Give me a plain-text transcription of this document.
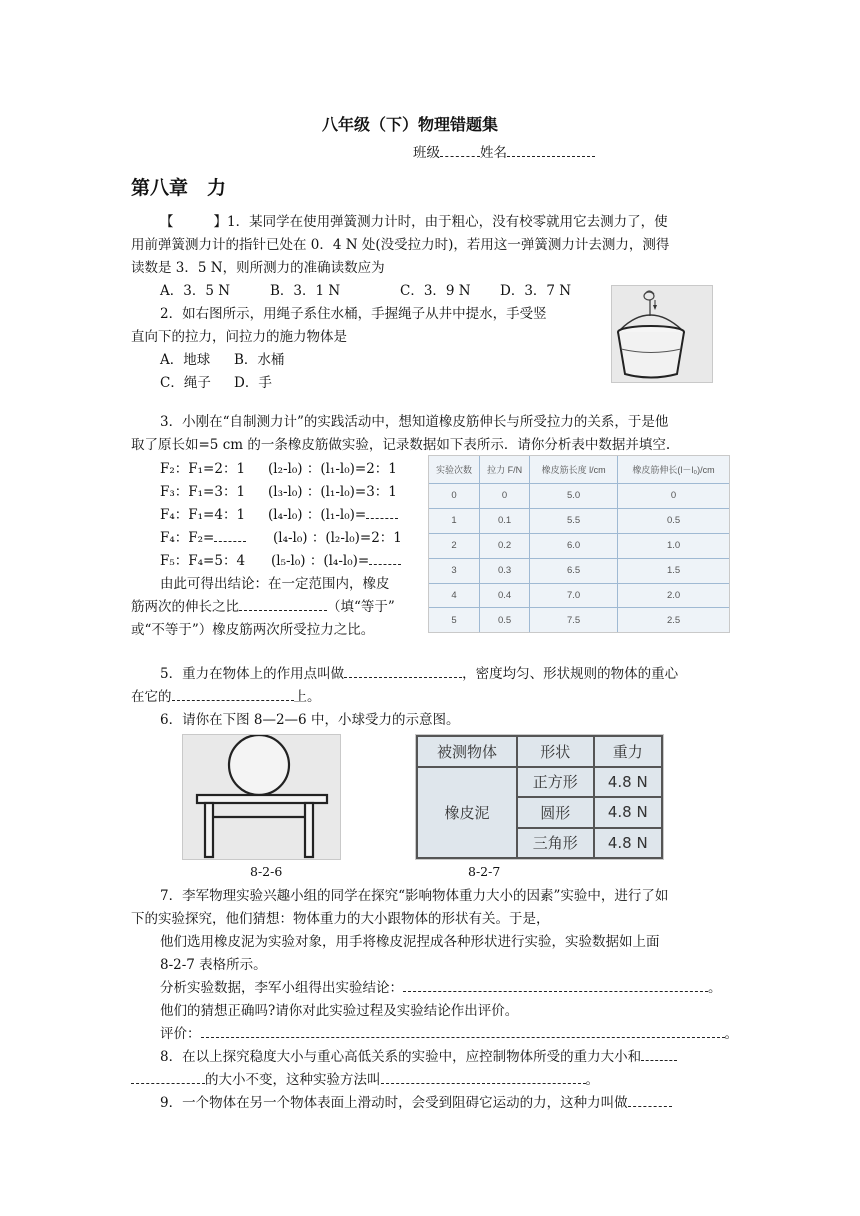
八年级（下）物理错题集
班级	姓名
第八章　力
【	】1．某同学在使用弹簧测力计时，由于粗心，没有校零就用它去测力了，使
用前弹簧测力计的指针已处在 0．4 N 处(没受拉力时)，若用这一弹簧测力计去测力，测得
读数是 3．5 N，则所测力的准确读数应为
A．3．5 N	B．3．1 N	C．3．9 N D．3．7 N
2．如右图所示，用绳子系住水桶，手握绳子从井中提水，手受竖
直向下的拉力，问拉力的施力物体是
A．地球 B．水桶
C．绳子 D．手
3．小刚在“自制测力计”的实践活动中，想知道橡皮筋伸长与所受拉力的关系，于是他
取了原长如=5 cm 的一条橡皮筋做实验，记录数据如下表所示．请你分析表中数据并填空.
F₂：F₁=2：1 (l₂-l₀) ：(l₁-l₀)=2：1
F₃：F₁=3：1 (l₃-l₀) ：(l₁-l₀)=3：1
F₄：F₁=4：1 (l₄-l₀) ：(l₁-l₀)=
F₄：F₂=	(l₄-l₀) ：(l₂-l₀)=2：1
F₅：F₄=5：4 (l₅-l₀) ：(l₄-l₀)=
由此可得出结论：在一定范围内，橡皮
筋两次的伸长之比	（填“等于”
或“不等于”）橡皮筋两次所受拉力之比。
实验次数	拉力 F/N	橡皮筋长度 l/cm	橡皮筋伸长(l－l₀)/cm
0	0	5.0	0
1	0.1	5.5	0.5
2	0.2	6.0	1.0
3	0.3	6.5	1.5
4	0.4	7.0	2.0
5	0.5	7.5	2.5
5．重力在物体上的作用点叫做	，密度均匀、形状规则的物体的重心
在它的	上。
6．请你在下图 8—2—6 中，小球受力的示意图。
被测物体	形状	重力
橡皮泥	正方形	4.8 N
	圆形	4.8 N
	三角形	4.8 N
8-2-6	8-2-7
7．李军物理实验兴趣小组的同学在探究“影响物体重力大小的因素”实验中，进行了如
下的实验探究，他们猜想：物体重力的大小跟物体的形状有关。于是，
他们选用橡皮泥为实验对象，用手将橡皮泥捏成各种形状进行实验，实验数据如上面
8-2-7 表格所示。
分析实验数据，李军小组得出实验结论：	。
他们的猜想正确吗?请你对此实验过程及实验结论作出评价。
评价：	。
8．在以上探究稳度大小与重心高低关系的实验中，应控制物体所受的重力大小和
的大小不变，这种实验方法叫	。
9．一个物体在另一个物体表面上滑动时，会受到阻碍它运动的力，这种力叫做
